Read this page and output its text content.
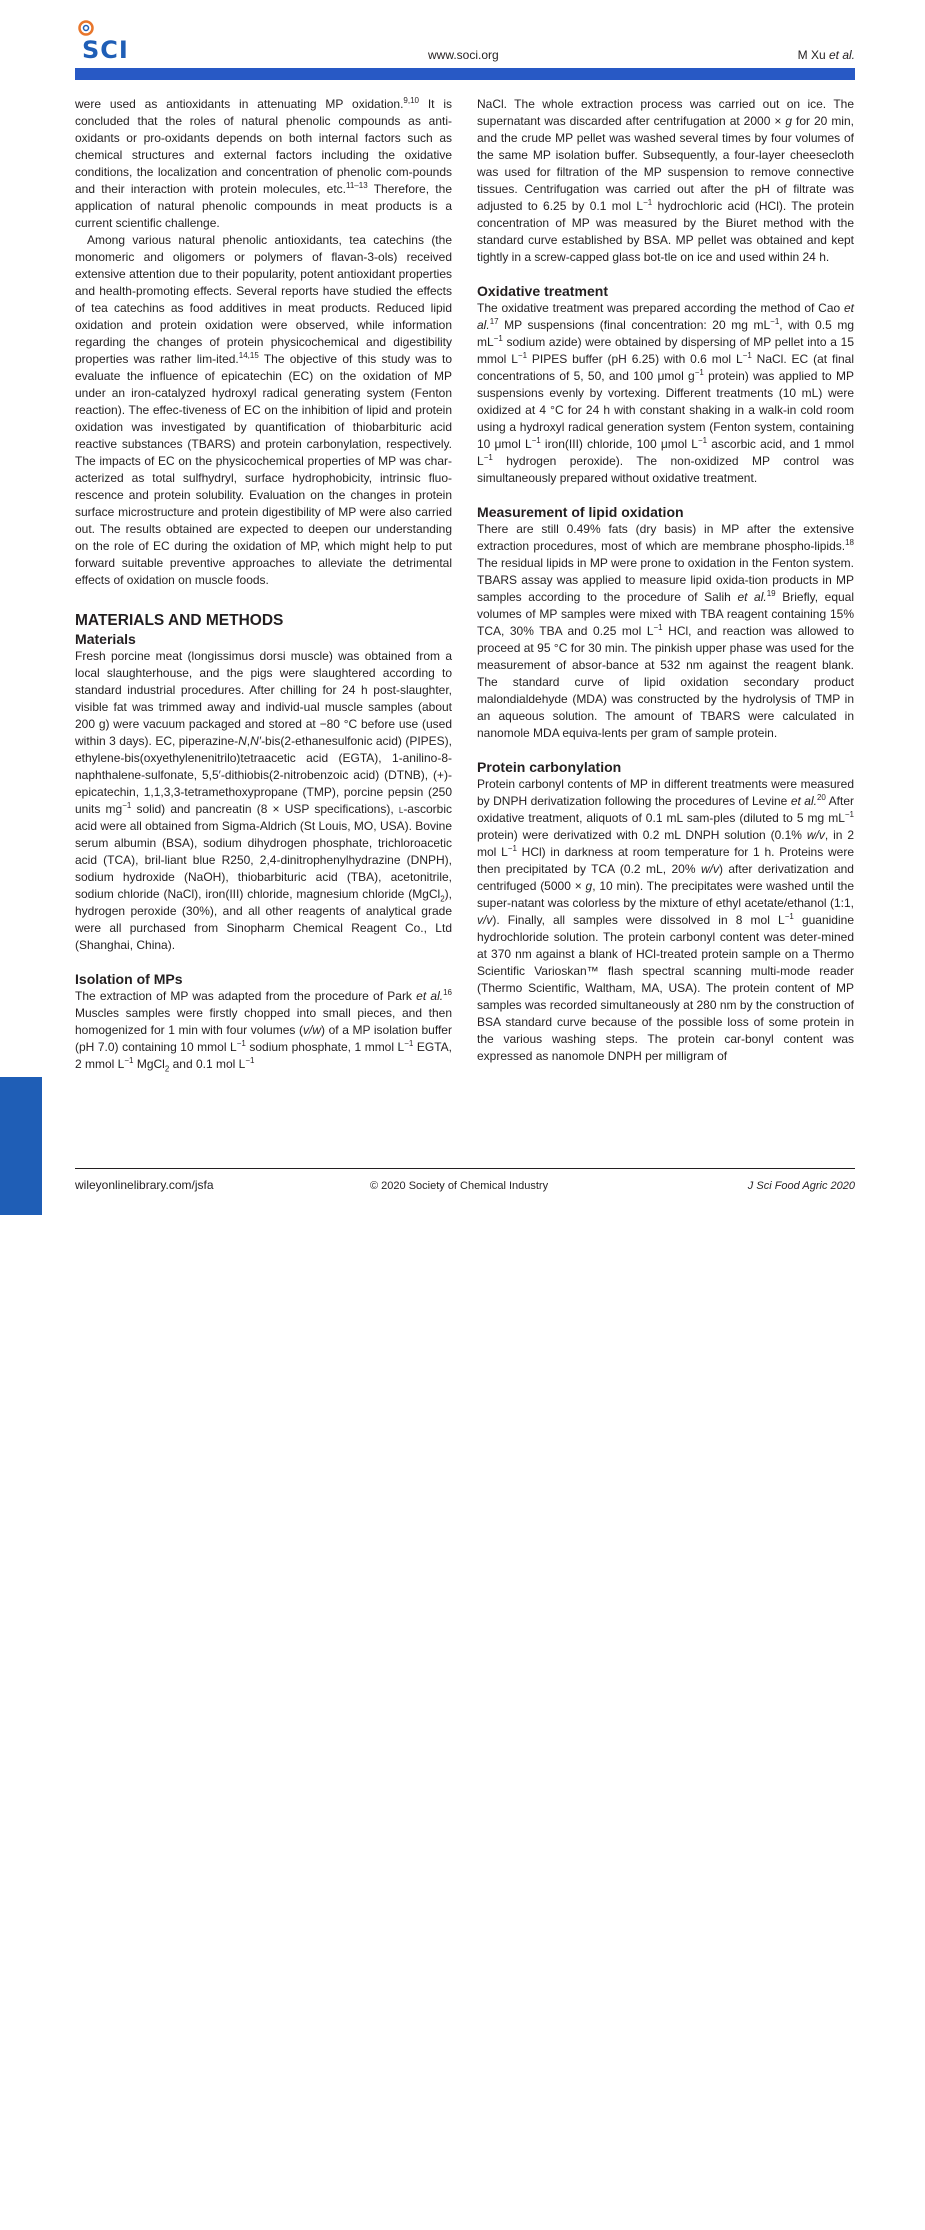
SCI	www.soci.org	M Xu et al.

were used as antioxidants in attenuating MP oxidation.$^{9,10}$ It is concluded that the roles of natural phenolic compounds as anti-oxidants or pro-oxidants depends on both internal factors such as chemical structures and external factors including the oxidative conditions, the localization and concentration of phenolic com-pounds and their interaction with protein molecules, etc.$^{11-13}$ Therefore, the application of natural phenolic compounds in meat products is a current scientific challenge.

Among various natural phenolic antioxidants, tea catechins (the monomeric and oligomers or polymers of flavan-3-ols) received extensive attention due to their popularity, potent antioxidant properties and health-promoting effects. Several reports have studied the effects of tea catechins as food additives in meat products. Reduced lipid oxidation and protein oxidation were observed, while information regarding the changes of protein physicochemical and digestibility properties was rather lim-ited.$^{14,15}$ The objective of this study was to evaluate the influence of epicatechin (EC) on the oxidation of MP under an iron-catalyzed hydroxyl radical generating system (Fenton reaction). The effec-tiveness of EC on the inhibition of lipid and protein oxidation was investigated by quantification of thiobarbituric acid reactive substances (TBARS) and protein carbonylation, respectively. The impacts of EC on the physicochemical properties of MP was char-acterized as total sulfhydryl, surface hydrophobicity, intrinsic fluo-rescence and protein solubility. Evaluation on the changes in protein surface microstructure and protein digestibility of MP were also carried out. The results obtained are expected to deepen our understanding on the role of EC during the oxidation of MP, which might help to put forward suitable preventive approaches to alleviate the detrimental effects of oxidation on muscle foods.

MATERIALS AND METHODS
Materials

Fresh porcine meat (longissimus dorsi muscle) was obtained from a local slaughterhouse, and the pigs were slaughtered according to standard industrial procedures. After chilling for 24 h post-slaughter, visible fat was trimmed away and individ-ual muscle samples (about 200 g) were vacuum packaged and stored at −80 °C before use (used within 3 days). EC, piperazine-N,N′-bis(2-ethanesulfonic acid) (PIPES), ethylene-bis(oxyethylenenitrilo)tetraacetic acid (EGTA), 1-anilino-8-naphthalene-sulfonate, 5,5′-dithiobis(2-nitrobenzoic acid) (DTNB), (+)-epicatechin, 1,1,3,3-tetramethoxypropane (TMP), porcine pepsin (250 units $mg^{-1}$ solid) and pancreatin (8 × USP specifications), l-ascorbic acid were all obtained from Sigma-Aldrich (St Louis, MO, USA). Bovine serum albumin (BSA), sodium dihydrogen phosphate, trichloroacetic acid (TCA), bril-liant blue R250, 2,4-dinitrophenylhydrazine (DNPH), sodium hydroxide (NaOH), thiobarbituric acid (TBA), acetonitrile, sodium chloride (NaCl), iron(III) chloride, magnesium chloride (MgCl$_2$), hydrogen peroxide (30%), and all other reagents of analytical grade were all purchased from Sinopharm Chemical Reagent Co., Ltd (Shanghai, China).

Isolation of MPs

The extraction of MP was adapted from the procedure of Park et al.$^{16}$ Muscles samples were firstly chopped into small pieces, and then homogenized for 1 min with four volumes (v/w) of a MP isolation buffer (pH 7.0) containing 10 mmol $L^{-1}$ sodium phosphate, 1 mmol $L^{-1}$ EGTA, 2 mmol $L^{-1}$ MgCl$_2$ and 0.1 mol $L^{-1}$

NaCl. The whole extraction process was carried out on ice. The supernatant was discarded after centrifugation at 2000 × g for 20 min, and the crude MP pellet was washed several times by four volumes of the same MP isolation buffer. Subsequently, a four-layer cheesecloth was used for filtration of the MP suspension to remove connective tissues. Centrifugation was carried out after the pH of filtrate was adjusted to 6.25 by 0.1 mol $L^{-1}$ hydrochloric acid (HCl). The protein concentration of MP was measured by the Biuret method with the standard curve established by BSA. MP pellet was obtained and kept tightly in a screw-capped glass bot-tle on ice and used within 24 h.

Oxidative treatment

The oxidative treatment was prepared according the method of Cao et al.$^{17}$ MP suspensions (final concentration: 20 mg $mL^{-1}$, with 0.5 mg $mL^{-1}$ sodium azide) were obtained by dispersing of MP pellet into a 15 mmol $L^{-1}$ PIPES buffer (pH 6.25) with 0.6 mol $L^{-1}$ NaCl. EC (at final concentrations of 5, 50, and 100 μmol $g^{-1}$ protein) was applied to MP suspensions evenly by vortexing. Different treatments (10 mL) were oxidized at 4 °C for 24 h with constant shaking in a walk-in cold room using a hydroxyl radical generation system (Fenton system, containing 10 μmol $L^{-1}$ iron(III) chloride, 100 μmol $L^{-1}$ ascorbic acid, and 1 mmol $L^{-1}$ hydrogen peroxide). The non-oxidized MP control was simultaneously prepared without oxidative treatment.

Measurement of lipid oxidation

There are still 0.49% fats (dry basis) in MP after the extensive extraction procedures, most of which are membrane phospho-lipids.$^{18}$ The residual lipids in MP were prone to oxidation in the Fenton system. TBARS assay was applied to measure lipid oxida-tion products in MP samples according to the procedure of Salih et al.$^{19}$ Briefly, equal volumes of MP samples were mixed with TBA reagent containing 15% TCA, 30% TBA and 0.25 mol $L^{-1}$ HCl, and reaction was allowed to proceed at 95 °C for 30 min. The pinkish upper phase was used for the measurement of absor-bance at 532 nm against the reagent blank. The standard curve of lipid oxidation secondary product malondialdehyde (MDA) was constructed by the hydrolysis of TMP in an aqueous solution. The amount of TBARS were calculated in nanomole MDA equiva-lents per gram of sample protein.

Protein carbonylation

Protein carbonyl contents of MP in different treatments were measured by DNPH derivatization following the procedures of Levine et al.$^{20}$ After oxidative treatment, aliquots of 0.1 mL sam-ples (diluted to 5 mg $mL^{-1}$ protein) were derivatized with 0.2 mL DNPH solution (0.1% w/v, in 2 mol $L^{-1}$ HCl) in darkness at room temperature for 1 h. Proteins were then precipitated by TCA (0.2 mL, 20% w/v) after derivatization and centrifuged (5000 × g, 10 min). The precipitates were washed until the super-natant was colorless by the mixture of ethyl acetate/ethanol (1:1, v/v). Finally, all samples were dissolved in 8 mol $L^{-1}$ guanidine hydrochloride solution. The protein carbonyl content was deter-mined at 370 nm against a blank of HCl-treated protein sample on a Thermo Scientific Varioskan™ flash spectral scanning multi-mode reader (Thermo Scientific, Waltham, MA, USA). The protein content of MP samples was recorded simultaneously at 280 nm by the construction of BSA standard curve because of the possible loss of some protein in the various washing steps. The protein car-bonyl content was expressed as nanomole DNPH per milligram of

2
wileyonlinelibrary.com/jsfa	© 2020 Society of Chemical Industry	J Sci Food Agric 2020
